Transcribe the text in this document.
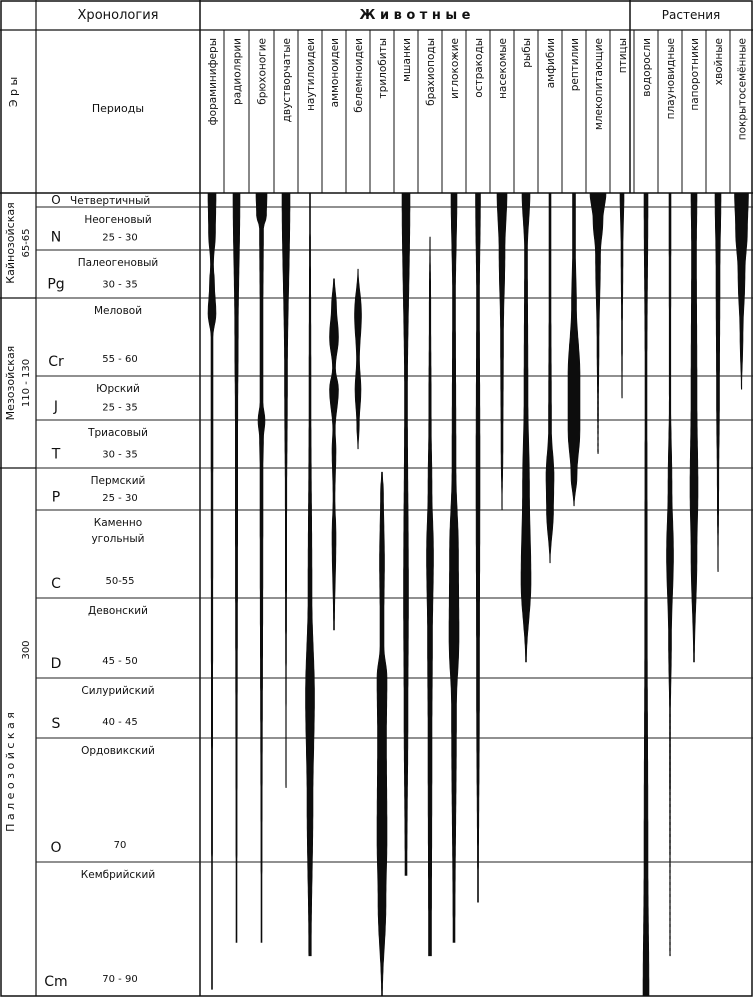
Хронология	Ж и в о т н ы е	Растения
Э р ы
Периоды
Кайнозойская 65-65
Мезозойская 110 - 130
П а л е о з о й с к а я
300
O Четвертичный
N
Неогеновый
25 - 30
Pg
Палеогеновый
30 - 35
Cr
Меловой
55 - 60
J
Юрский
25 - 35
T
Триасовый
30 - 35
P
Пермский
25 - 30
C
Каменно
угольный
50-55
D
Девонский
45 - 50
S
Силурийский
40 - 45
O
Ордовикский
70
Cm
Кембрийский
70 - 90
фораминиферы радиолярии брюхоногие двустворчатые наутилоидеи аммоноидеи белемноидеи трилобиты мшанки брахиоподы иглокожие остракоды насекомые рыбы амфибии рептилии млекопитающие птицы водоросли плауновидные папоротники хвойные покрытосемённые
